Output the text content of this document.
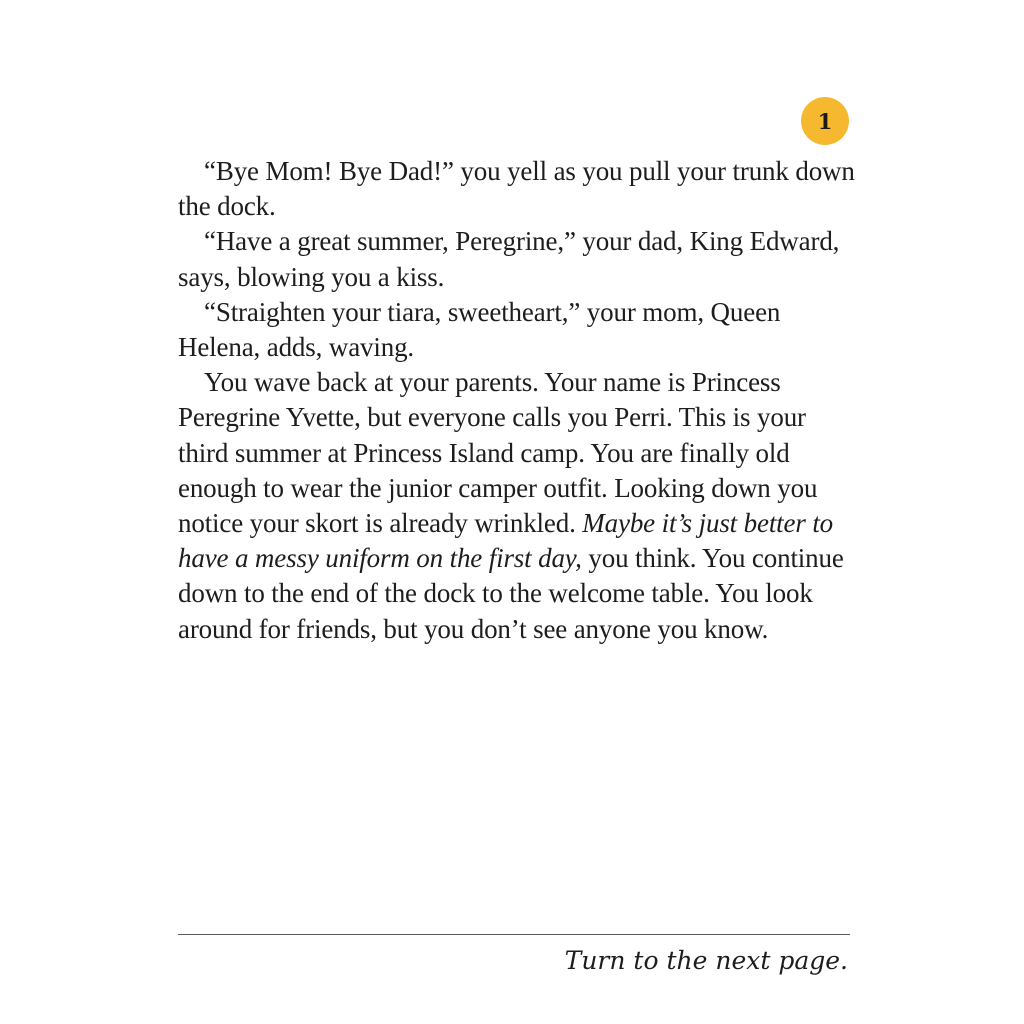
1

“Bye Mom! Bye Dad!” you yell as you pull your trunk down the dock.

“Have a great summer, Peregrine,” your dad, King Edward, says, blowing you a kiss.

“Straighten your tiara, sweetheart,” your mom, Queen Helena, adds, waving.

You wave back at your parents. Your name is Princess Peregrine Yvette, but everyone calls you Perri. This is your third summer at Princess Island camp. You are finally old enough to wear the junior camper outfit. Looking down you notice your skort is already wrinkled. Maybe it’s just better to have a messy uniform on the first day, you think. You continue down to the end of the dock to the welcome table. You look around for friends, but you don’t see anyone you know.

Turn to the next page.
